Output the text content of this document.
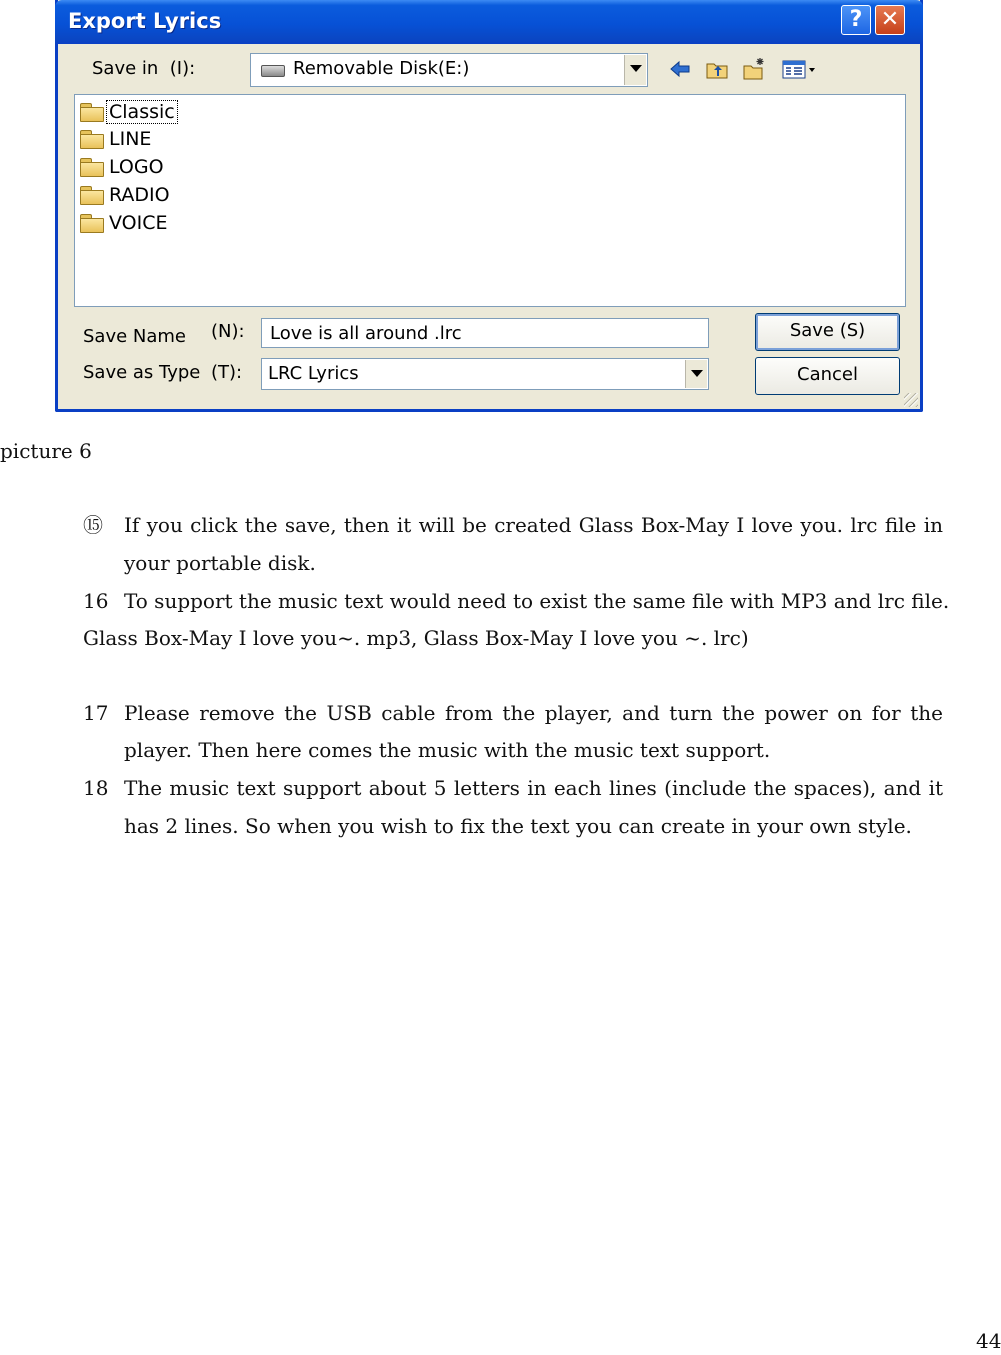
Export Lyrics	? ✕
Save in (I):	Removable Disk(E:)
Classic
LINE
LOGO
RADIO
VOICE
Save Name (N): Love is all around .lrc
Save as Type (T): LRC Lyrics
Save (S)
Cancel
picture 6
⑮ If you click the save, then it will be created Glass Box-May I love you. lrc file in
your portable disk.
16 To support the music text would need to exist the same file with MP3 and lrc file.
Glass Box-May I love you~. mp3, Glass Box-May I love you ~. lrc)
17 Please remove the USB cable from the player, and turn the power on for the
player. Then here comes the music with the music text support.
18 The music text support about 5 letters in each lines (include the spaces), and it
has 2 lines. So when you wish to fix the text you can create in your own style.
44
